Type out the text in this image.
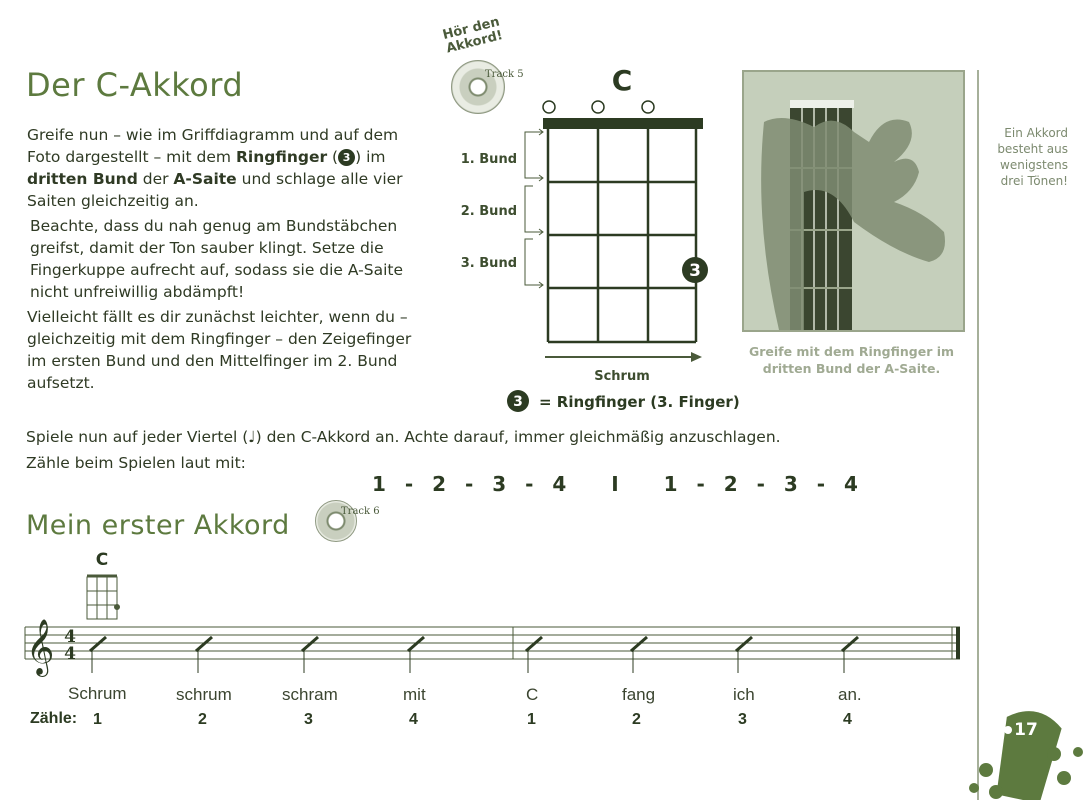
Der C-Akkord
Hör den Akkord!
Track 5
Greife nun – wie im Griffdiagramm und auf dem Foto dargestellt – mit dem Ringfinger ( 3 ) im dritten Bund der A-Saite und schlage alle vier Saiten gleichzeitig an.
Beachte, dass du nah genug am Bundstäbchen greifst, damit der Ton sauber klingt. Setze die Fingerkuppe aufrecht auf, sodass sie die A-Saite nicht unfreiwillig abdämpft!
Vielleicht fällt es dir zunächst leichter, wenn du – gleichzeitig mit dem Ringfinger – den Zeigefinger im ersten Bund und den Mittelfinger im 2. Bund aufsetzt.
C
1. Bund
2. Bund
3. Bund	3
Schrum
3 = Ringfinger (3. Finger)
Greife mit dem Ringfinger im dritten Bund der A-Saite.
Ein Akkord besteht aus wenigstens drei Tönen!
Spiele nun auf jeder Viertel (♩) den C-Akkord an. Achte darauf, immer gleichmäßig anzuschlagen.
Zähle beim Spielen laut mit:
1 - 2 - 3 - 4   I   1 - 2 - 3 - 4
Mein erster Akkord	Track 6
C
𝄞 4
4
Schrum	schrum	schram	mit	C	fang	ich	an.
Zähle: 1	2	3	4	1	2	3	4
17
